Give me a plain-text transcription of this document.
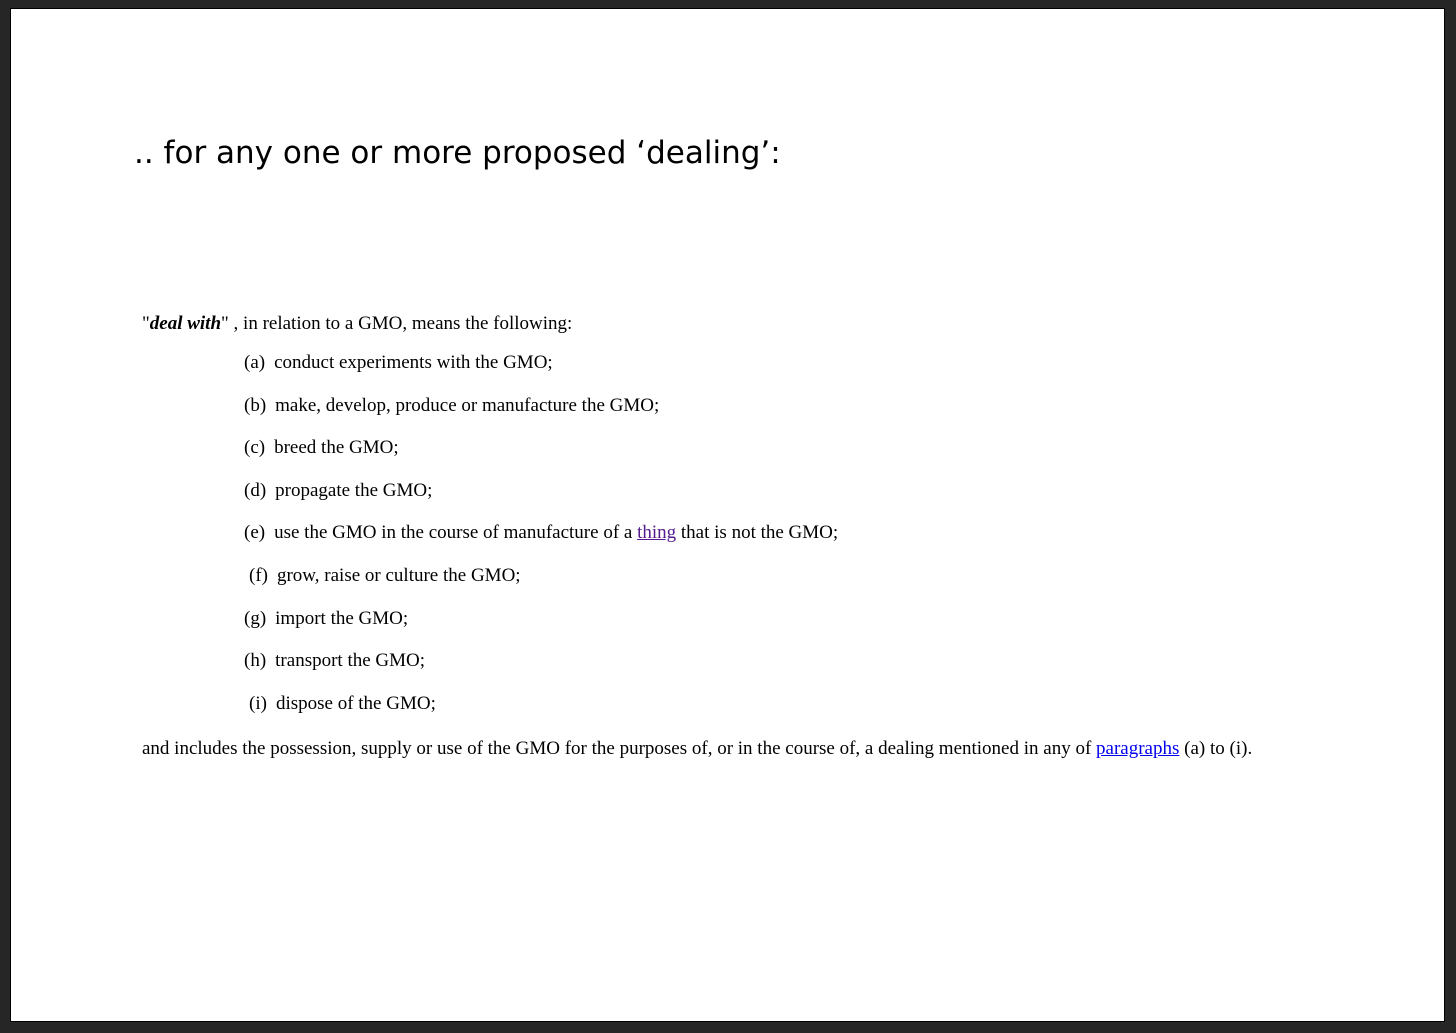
.. for any one or more proposed ‘dealing’:
"deal with" , in relation to a GMO, means the following:
(a) conduct experiments with the GMO;
(b) make, develop, produce or manufacture the GMO;
(c) breed the GMO;
(d) propagate the GMO;
(e) use the GMO in the course of manufacture of a thing that is not the GMO;
(f) grow, raise or culture the GMO;
(g) import the GMO;
(h) transport the GMO;
(i) dispose of the GMO;
and includes the possession, supply or use of the GMO for the purposes of, or in the course of, a dealing mentioned in any of paragraphs (a) to (i).
